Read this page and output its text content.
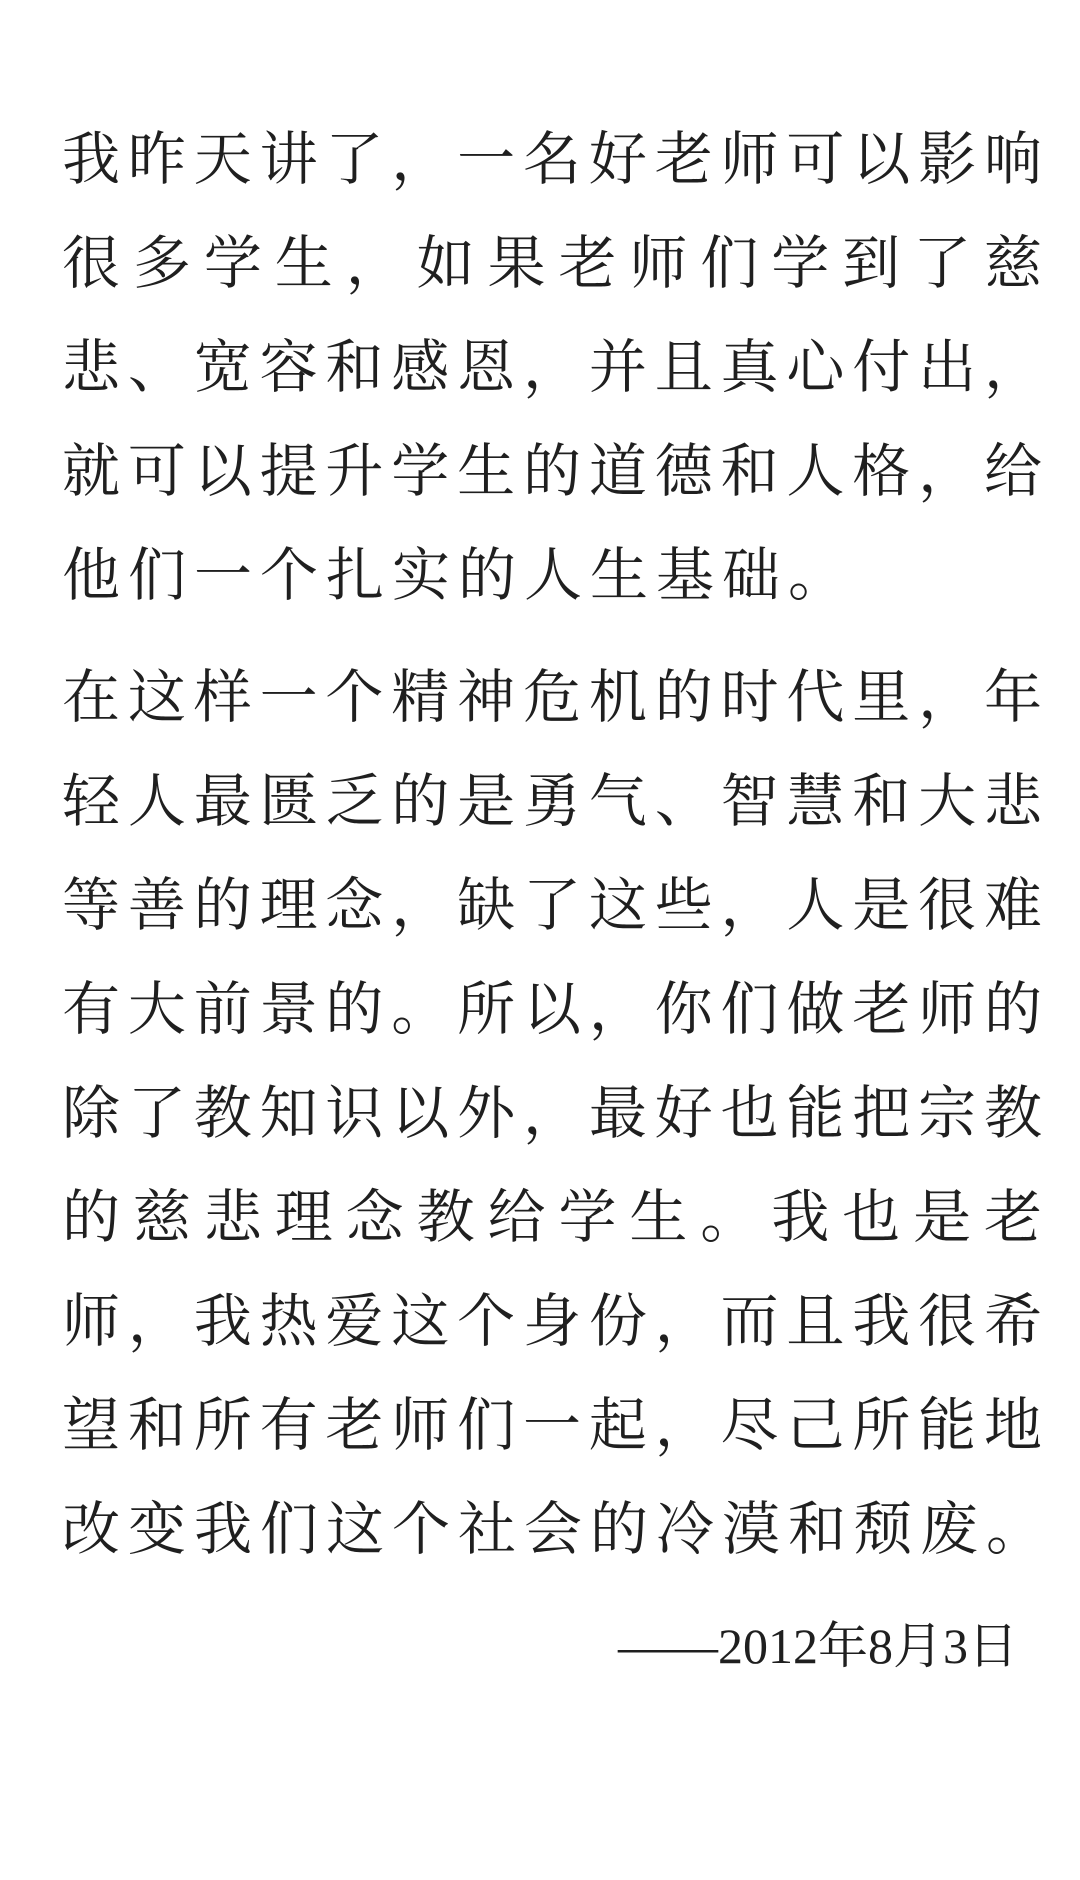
我昨天讲了，一名好老师可以影响
很多学生，如果老师们学到了慈
悲、宽容和感恩，并且真心付出，
就可以提升学生的道德和人格，给
他们一个扎实的人生基础。
在这样一个精神危机的时代里，年
轻人最匮乏的是勇气、智慧和大悲
等善的理念，缺了这些，人是很难
有大前景的。所以，你们做老师的
除了教知识以外，最好也能把宗教
的慈悲理念教给学生。我也是老
师，我热爱这个身份，而且我很希
望和所有老师们一起，尽己所能地
改变我们这个社会的冷漠和颓废。
——2012年8月3日
